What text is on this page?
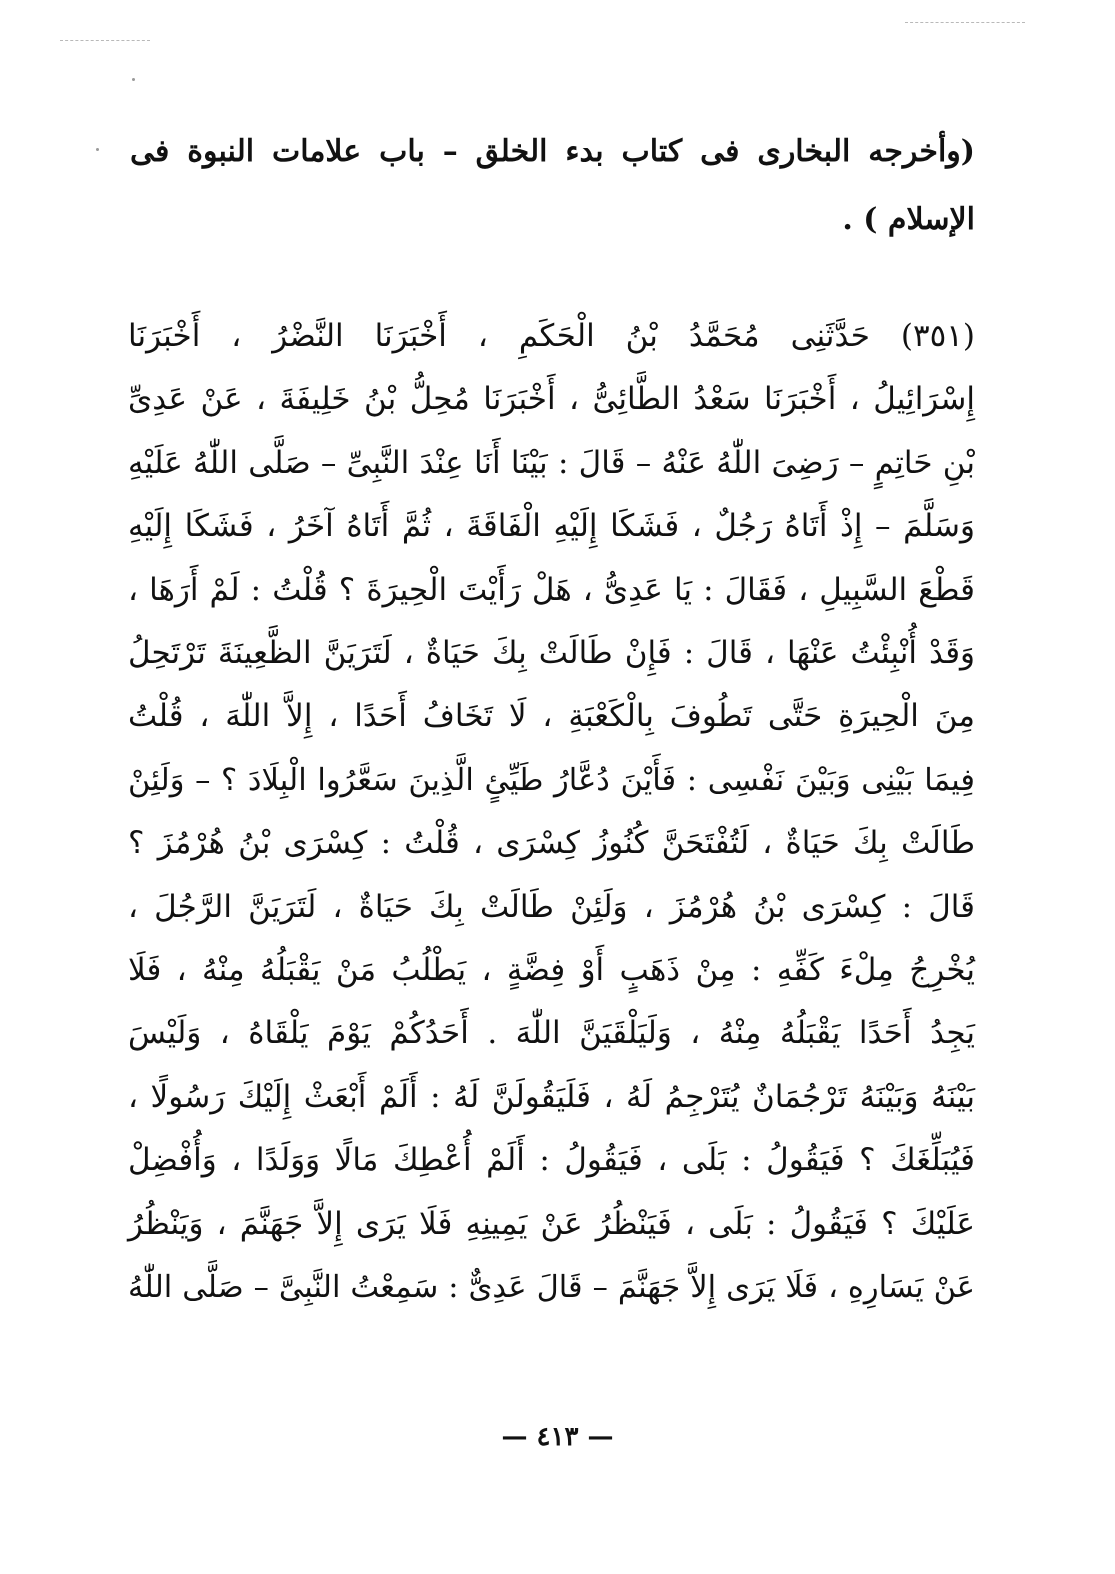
(وأخرجه البخارى فى كتاب بدء الخلق – باب علامات النبوة فى الإسلام ) .
(٣٥١) حَدَّثَنِى مُحَمَّدُ بْنُ الْحَكَمِ ، أَخْبَرَنَا النَّضْرُ ، أَخْبَرَنَا
إِسْرَائِيلُ ، أَخْبَرَنَا سَعْدُ الطَّائِىُّ ، أَخْبَرَنَا مُحِلُّ بْنُ خَلِيفَةَ ، عَنْ عَدِىِّ
بْنِ حَاتِمٍ – رَضِىَ اللّٰهُ عَنْهُ – قَالَ : بَيْنَا أَنَا عِنْدَ النَّبِىِّ – صَلَّى اللّٰهُ عَلَيْهِ
وَسَلَّمَ – إِذْ أَتَاهُ رَجُلٌ ، فَشَكَا إِلَيْهِ الْفَاقَةَ ، ثُمَّ أَتَاهُ آخَرُ ، فَشَكَا إِلَيْهِ
قَطْعَ السَّبِيلِ ، فَقَالَ : يَا عَدِىُّ ، هَلْ رَأَيْتَ الْحِيرَةَ ؟ قُلْتُ : لَمْ أَرَهَا ،
وَقَدْ أُنْبِئْتُ عَنْهَا ، قَالَ : فَإِنْ طَالَتْ بِكَ حَيَاةٌ ، لَتَرَيَنَّ الظَّعِينَةَ تَرْتَحِلُ
مِنَ الْحِيرَةِ حَتَّى تَطُوفَ بِالْكَعْبَةِ ، لَا تَخَافُ أَحَدًا ، إِلاَّ اللّٰهَ ، قُلْتُ
فِيمَا بَيْنِى وَبَيْنَ نَفْسِى : فَأَيْنَ دُعَّارُ طَيِّئٍ الَّذِينَ سَعَّرُوا الْبِلَادَ ؟ – وَلَئِنْ
طَالَتْ بِكَ حَيَاةٌ ، لَتُفْتَحَنَّ كُنُوزُ كِسْرَى ، قُلْتُ : كِسْرَى بْنُ هُرْمُزَ ؟
قَالَ : كِسْرَى بْنُ هُرْمُزَ ، وَلَئِنْ طَالَتْ بِكَ حَيَاةٌ ، لَتَرَيَنَّ الرَّجُلَ ،
يُخْرِجُ مِلْءَ كَفِّهِ : مِنْ ذَهَبٍ أَوْ فِضَّةٍ ، يَطْلُبُ مَنْ يَقْبَلُهُ مِنْهُ ، فَلَا
يَجِدُ أَحَدًا يَقْبَلُهُ مِنْهُ ، وَلَيَلْقَيَنَّ اللّٰهَ . أَحَدُكُمْ يَوْمَ يَلْقَاهُ ، وَلَيْسَ
بَيْنَهُ وَبَيْنَهُ تَرْجُمَانٌ يُتَرْجِمُ لَهُ ، فَلَيَقُولَنَّ لَهُ : أَلَمْ أَبْعَثْ إِلَيْكَ رَسُولًا ،
فَيُبَلِّغَكَ ؟ فَيَقُولُ : بَلَى ، فَيَقُولُ : أَلَمْ أُعْطِكَ مَالًا وَوَلَدًا ، وَأُفْضِلْ
عَلَيْكَ ؟ فَيَقُولُ : بَلَى ، فَيَنْظُرُ عَنْ يَمِينِهِ فَلَا يَرَى إِلاَّ جَهَنَّمَ ، وَيَنْظُرُ
عَنْ يَسَارِهِ ، فَلَا يَرَى إِلاَّ جَهَنَّمَ – قَالَ عَدِىٌّ : سَمِعْتُ النَّبِىَّ – صَلَّى اللّٰهُ
— ٤١٣ —
